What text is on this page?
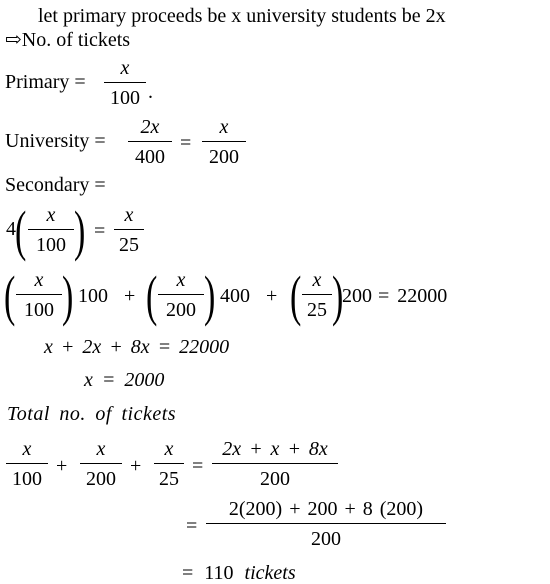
let primary proceeds be x university students be 2x
⇨No. of tickets
Primary =
x
100 .
University =
2x
400
=
x
200
Secondary =
4 (	x
100 ) =
x
25
( x
100 ) 100 + ( x
200 ) 400 + ( x
25 )
200 = 22000
x + 2x + 8x = 22000
x = 2000
Total no. of tickets
x
100
+
x
200
+
x
25
=
2x + x + 8x
200
=
2(200) + 200 + 8 (200)
200
= 110 tickets
